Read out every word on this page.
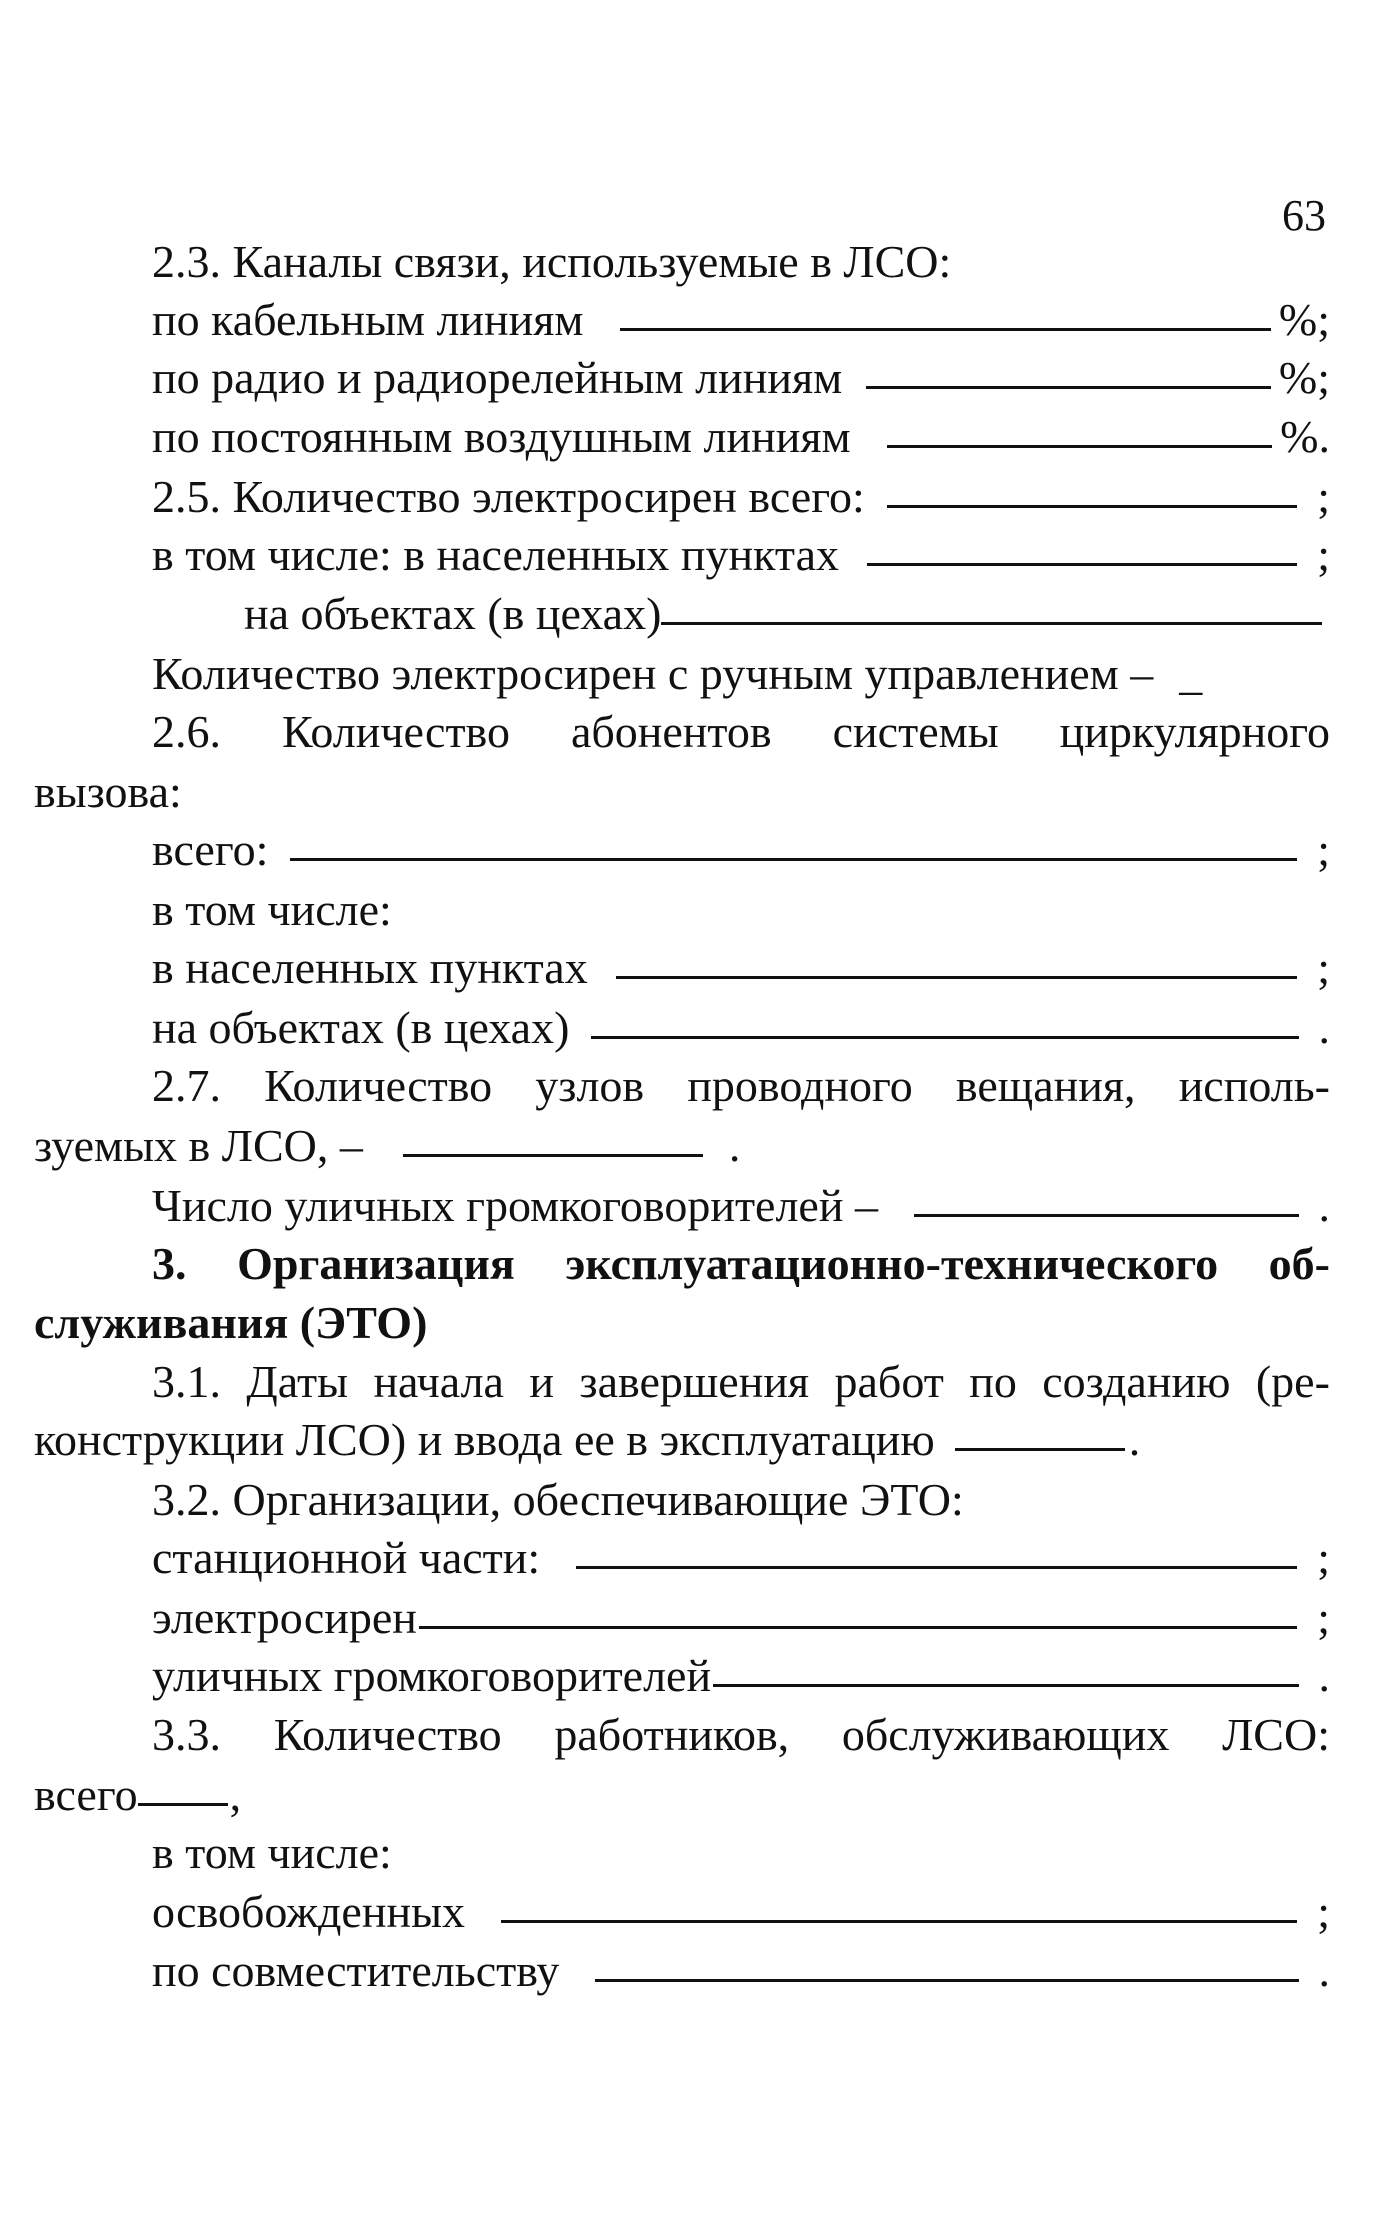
63
2.3. Каналы связи, используемые в ЛСО:
по кабельным линиям	%;
по радио и радиорелейным линиям	%;
по постоянным воздушным линиям	%.
2.5. Количество электросирен всего:	;
в том числе: в населенных пунктах	;
на объектах (в цехах)
Количество электросирен с ручным управлением – _
2.6. Количество абонентов системы циркулярного
вызова:
всего:	;
в том числе:
в населенных пунктах	;
на объектах (в цехах)	.
2.7. Количество узлов проводного вещания, исполь-
зуемых в ЛСО, –	.
Число уличных громкоговорителей –	.
3. Организация эксплуатационно-технического об-
служивания (ЭТО)
3.1. Даты начала и завершения работ по созданию (ре-
конструкции ЛСО) и ввода ее в эксплуатацию	.
3.2. Организации, обеспечивающие ЭТО:
станционной части:	;
электросирен	;
уличных громкоговорителей	.
3.3. Количество работников, обслуживающих ЛСО:
всего ,
в том числе:
освобожденных	;
по совместительству	.
